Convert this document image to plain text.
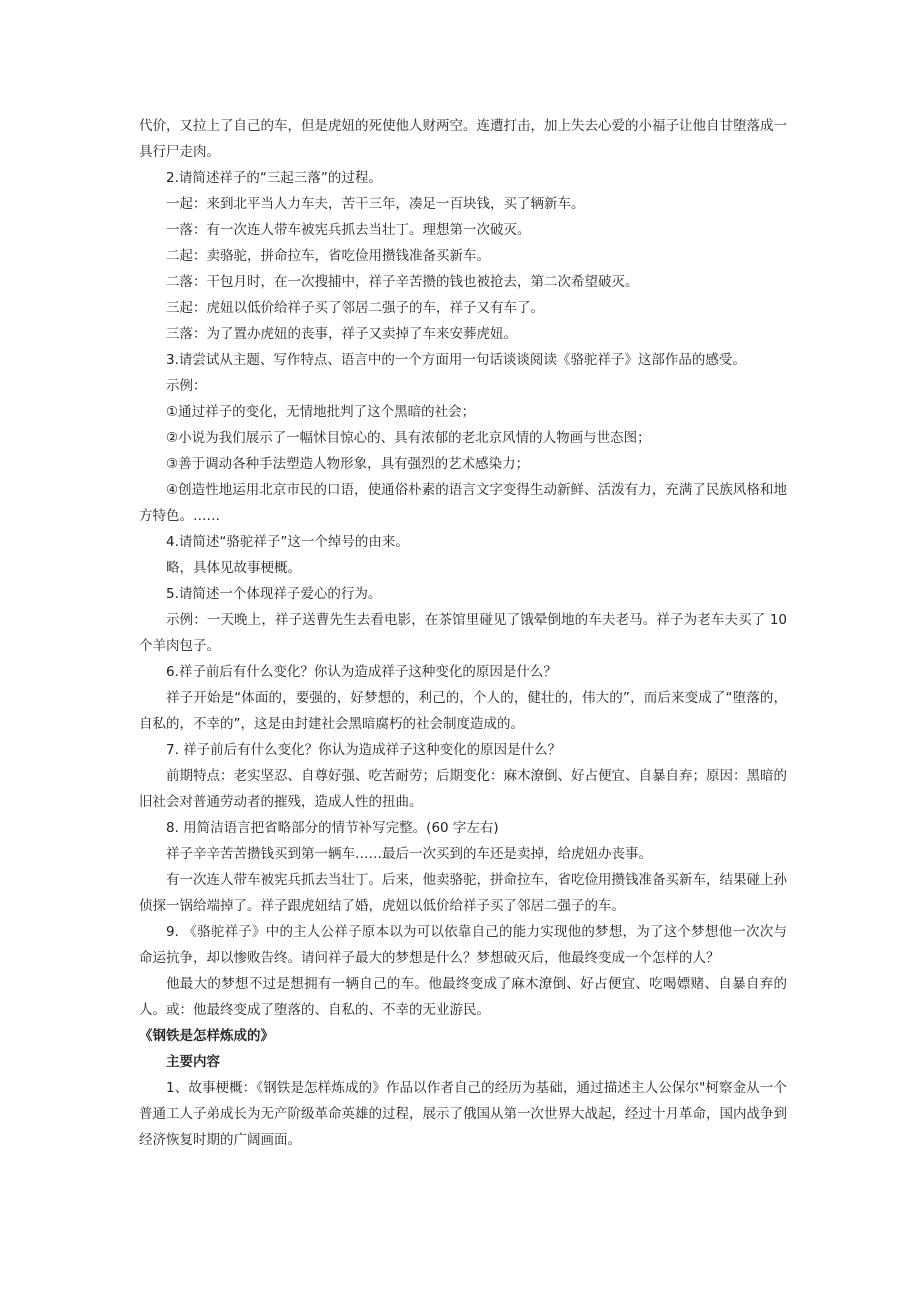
代价，又拉上了自己的车，但是虎妞的死使他人财两空。连遭打击，加上失去心爱的小福子让他自甘堕落成一具行尸走肉。

2.请简述祥子的“三起三落”的过程。

一起：来到北平当人力车夫，苦干三年，凑足一百块钱，买了辆新车。

一落：有一次连人带车被宪兵抓去当壮丁。理想第一次破灭。

二起：卖骆驼，拼命拉车，省吃俭用攒钱准备买新车。

二落：干包月时，在一次搜捕中，祥子辛苦攒的钱也被抢去，第二次希望破灭。

三起：虎妞以低价给祥子买了邻居二强子的车，祥子又有车了。

三落：为了置办虎妞的丧事，祥子又卖掉了车来安葬虎妞。

3.请尝试从主题、写作特点、语言中的一个方面用一句话谈谈阅读《骆驼祥子》这部作品的感受。

示例：

①通过祥子的变化，无情地批判了这个黑暗的社会；

②小说为我们展示了一幅怵目惊心的、具有浓郁的老北京风情的人物画与世态图；

③善于调动各种手法塑造人物形象，具有强烈的艺术感染力；

④创造性地运用北京市民的口语，使通俗朴素的语言文字变得生动新鲜、活泼有力，充满了民族风格和地方特色。……

4.请简述“骆驼祥子”这一个绰号的由来。

略，具体见故事梗概。

5.请简述一个体现祥子爱心的行为。

示例：一天晚上，祥子送曹先生去看电影，在茶馆里碰见了饿晕倒地的车夫老马。祥子为老车夫买了 10 个羊肉包子。

6.祥子前后有什么变化？你认为造成祥子这种变化的原因是什么？

祥子开始是“体面的，要强的，好梦想的，利己的，个人的，健壮的，伟大的”，而后来变成了“堕落的，自私的，不幸的”，这是由封建社会黑暗腐朽的社会制度造成的。

7. 祥子前后有什么变化？你认为造成祥子这种变化的原因是什么？

前期特点：老实坚忍、自尊好强、吃苦耐劳；后期变化：麻木潦倒、好占便宜、自暴自弃；原因：黑暗的旧社会对普通劳动者的摧残，造成人性的扭曲。

8. 用简洁语言把省略部分的情节补写完整。(60 字左右)

祥子辛辛苦苦攒钱买到第一辆车……最后一次买到的车还是卖掉，给虎妞办丧事。

有一次连人带车被宪兵抓去当壮丁。后来，他卖骆驼，拼命拉车，省吃俭用攒钱准备买新车，结果碰上孙侦探一锅给端掉了。祥子跟虎妞结了婚，虎妞以低价给祥子买了邻居二强子的车。

9. 《骆驼祥子》中的主人公祥子原本以为可以依靠自己的能力实现他的梦想，为了这个梦想他一次次与命运抗争，却以惨败告终。请问祥子最大的梦想是什么？梦想破灭后，他最终变成一个怎样的人？

他最大的梦想不过是想拥有一辆自己的车。他最终变成了麻木潦倒、好占便宜、吃喝嫖赌、自暴自弃的人。或：他最终变成了堕落的、自私的、不幸的无业游民。

《钢铁是怎样炼成的》

主要内容

1、故事梗概：《钢铁是怎样炼成的》作品以作者自己的经历为基础，通过描述主人公保尔"柯察金从一个普通工人子弟成长为无产阶级革命英雄的过程，展示了俄国从第一次世界大战起，经过十月革命，国内战争到经济恢复时期的广阔画面。
